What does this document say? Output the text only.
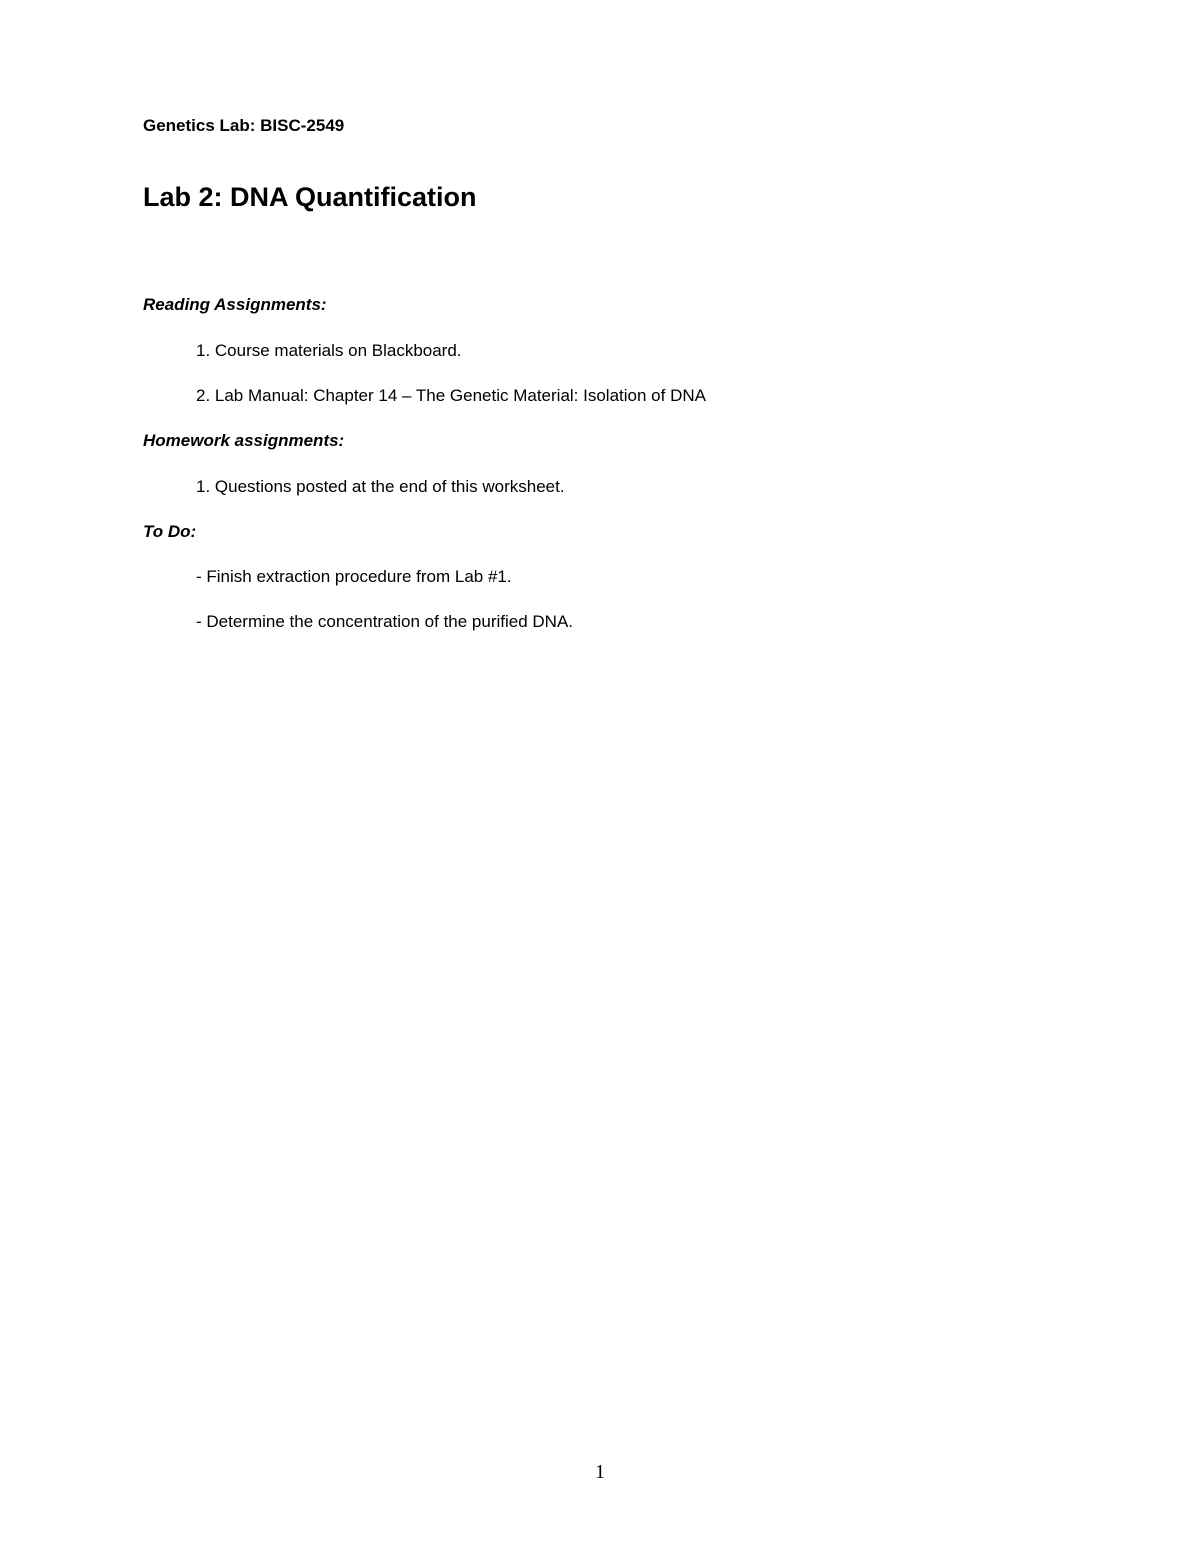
Genetics Lab: BISC-2549
Lab 2: DNA Quantification
Reading Assignments:
1. Course materials on Blackboard.
2. Lab Manual: Chapter 14 – The Genetic Material: Isolation of DNA
Homework assignments:
1. Questions posted at the end of this worksheet.
To Do:
- Finish extraction procedure from Lab #1.
- Determine the concentration of the purified DNA.
1
